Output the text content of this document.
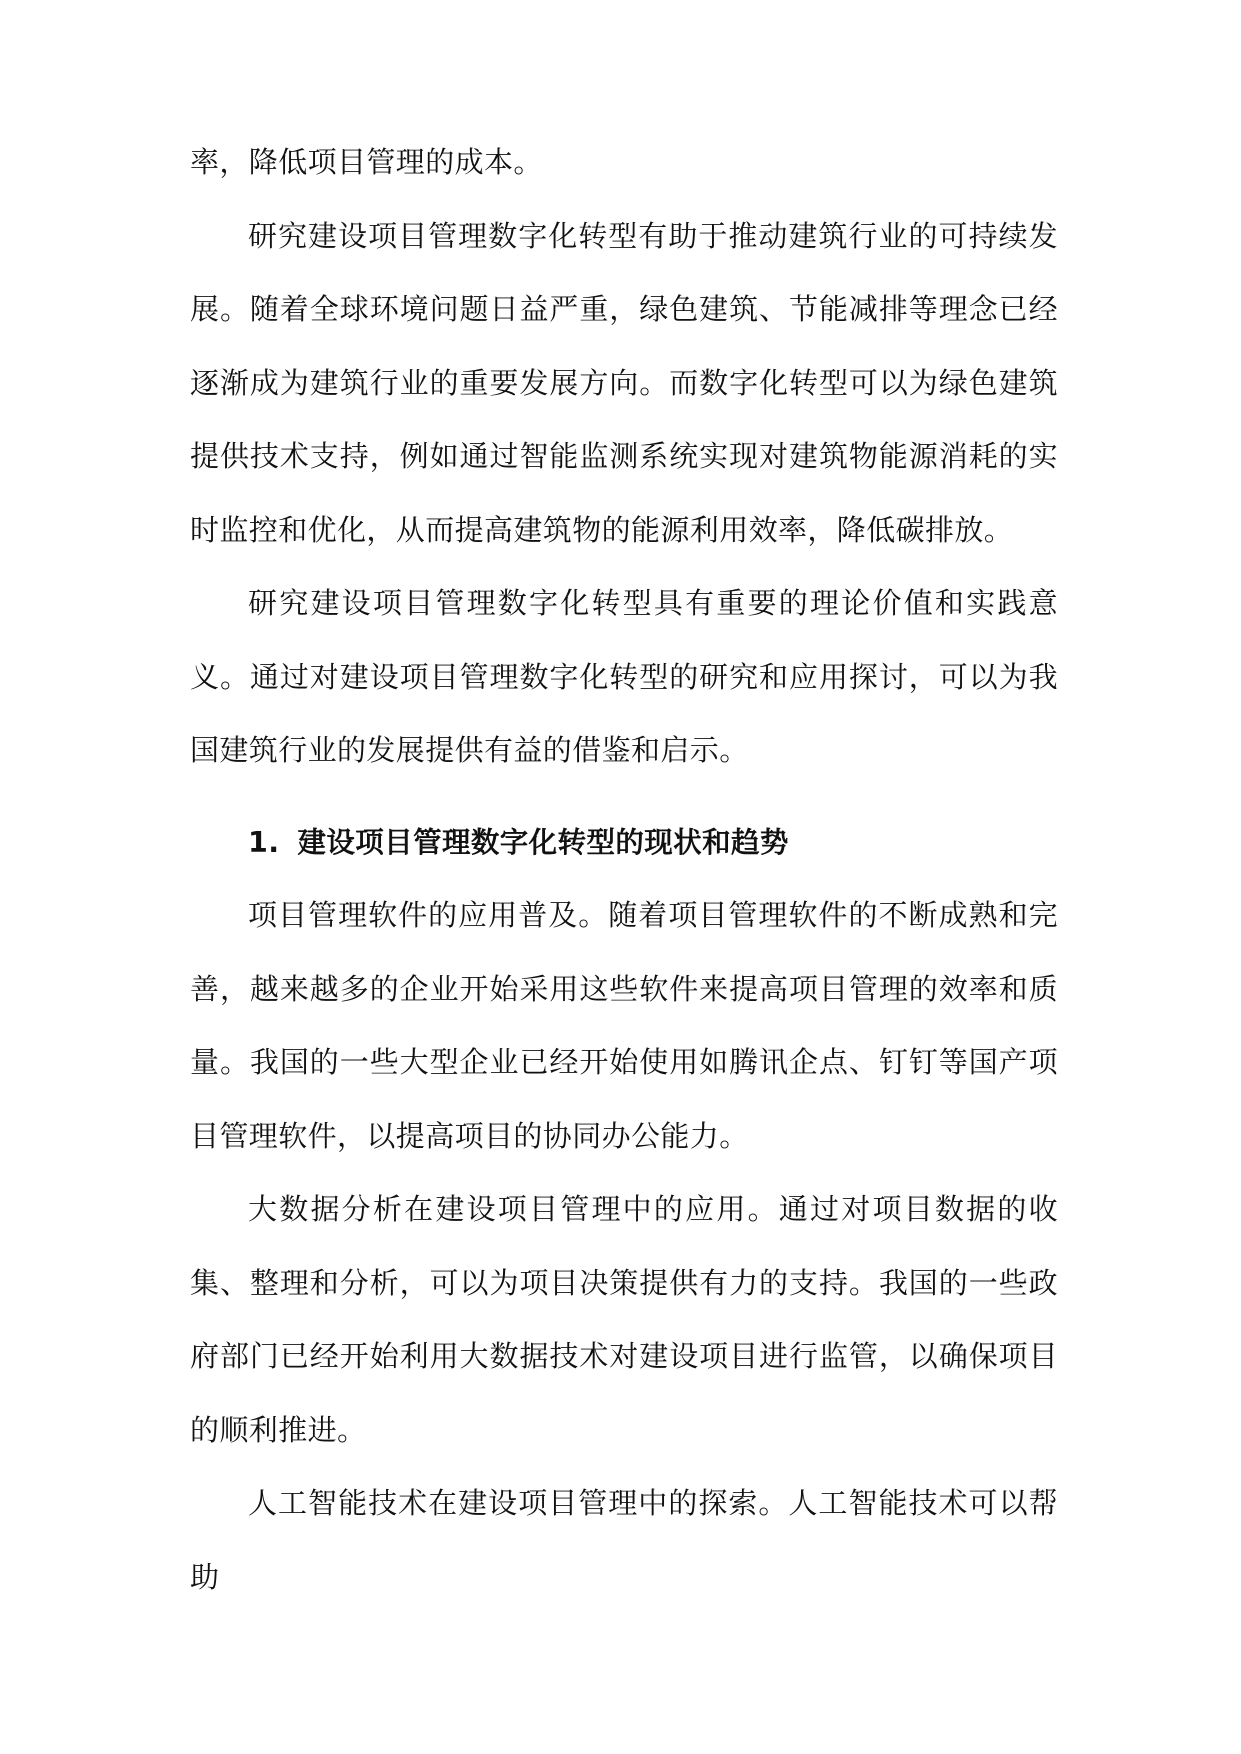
率，降低项目管理的成本。

研究建设项目管理数字化转型有助于推动建筑行业的可持续发展。随着全球环境问题日益严重，绿色建筑、节能减排等理念已经逐渐成为建筑行业的重要发展方向。而数字化转型可以为绿色建筑提供技术支持，例如通过智能监测系统实现对建筑物能源消耗的实时监控和优化，从而提高建筑物的能源利用效率，降低碳排放。

研究建设项目管理数字化转型具有重要的理论价值和实践意义。通过对建设项目管理数字化转型的研究和应用探讨，可以为我国建筑行业的发展提供有益的借鉴和启示。

1. 建设项目管理数字化转型的现状和趋势

项目管理软件的应用普及。随着项目管理软件的不断成熟和完善，越来越多的企业开始采用这些软件来提高项目管理的效率和质量。我国的一些大型企业已经开始使用如腾讯企点、钉钉等国产项目管理软件，以提高项目的协同办公能力。

大数据分析在建设项目管理中的应用。通过对项目数据的收集、整理和分析，可以为项目决策提供有力的支持。我国的一些政府部门已经开始利用大数据技术对建设项目进行监管，以确保项目的顺利推进。

人工智能技术在建设项目管理中的探索。人工智能技术可以帮助
